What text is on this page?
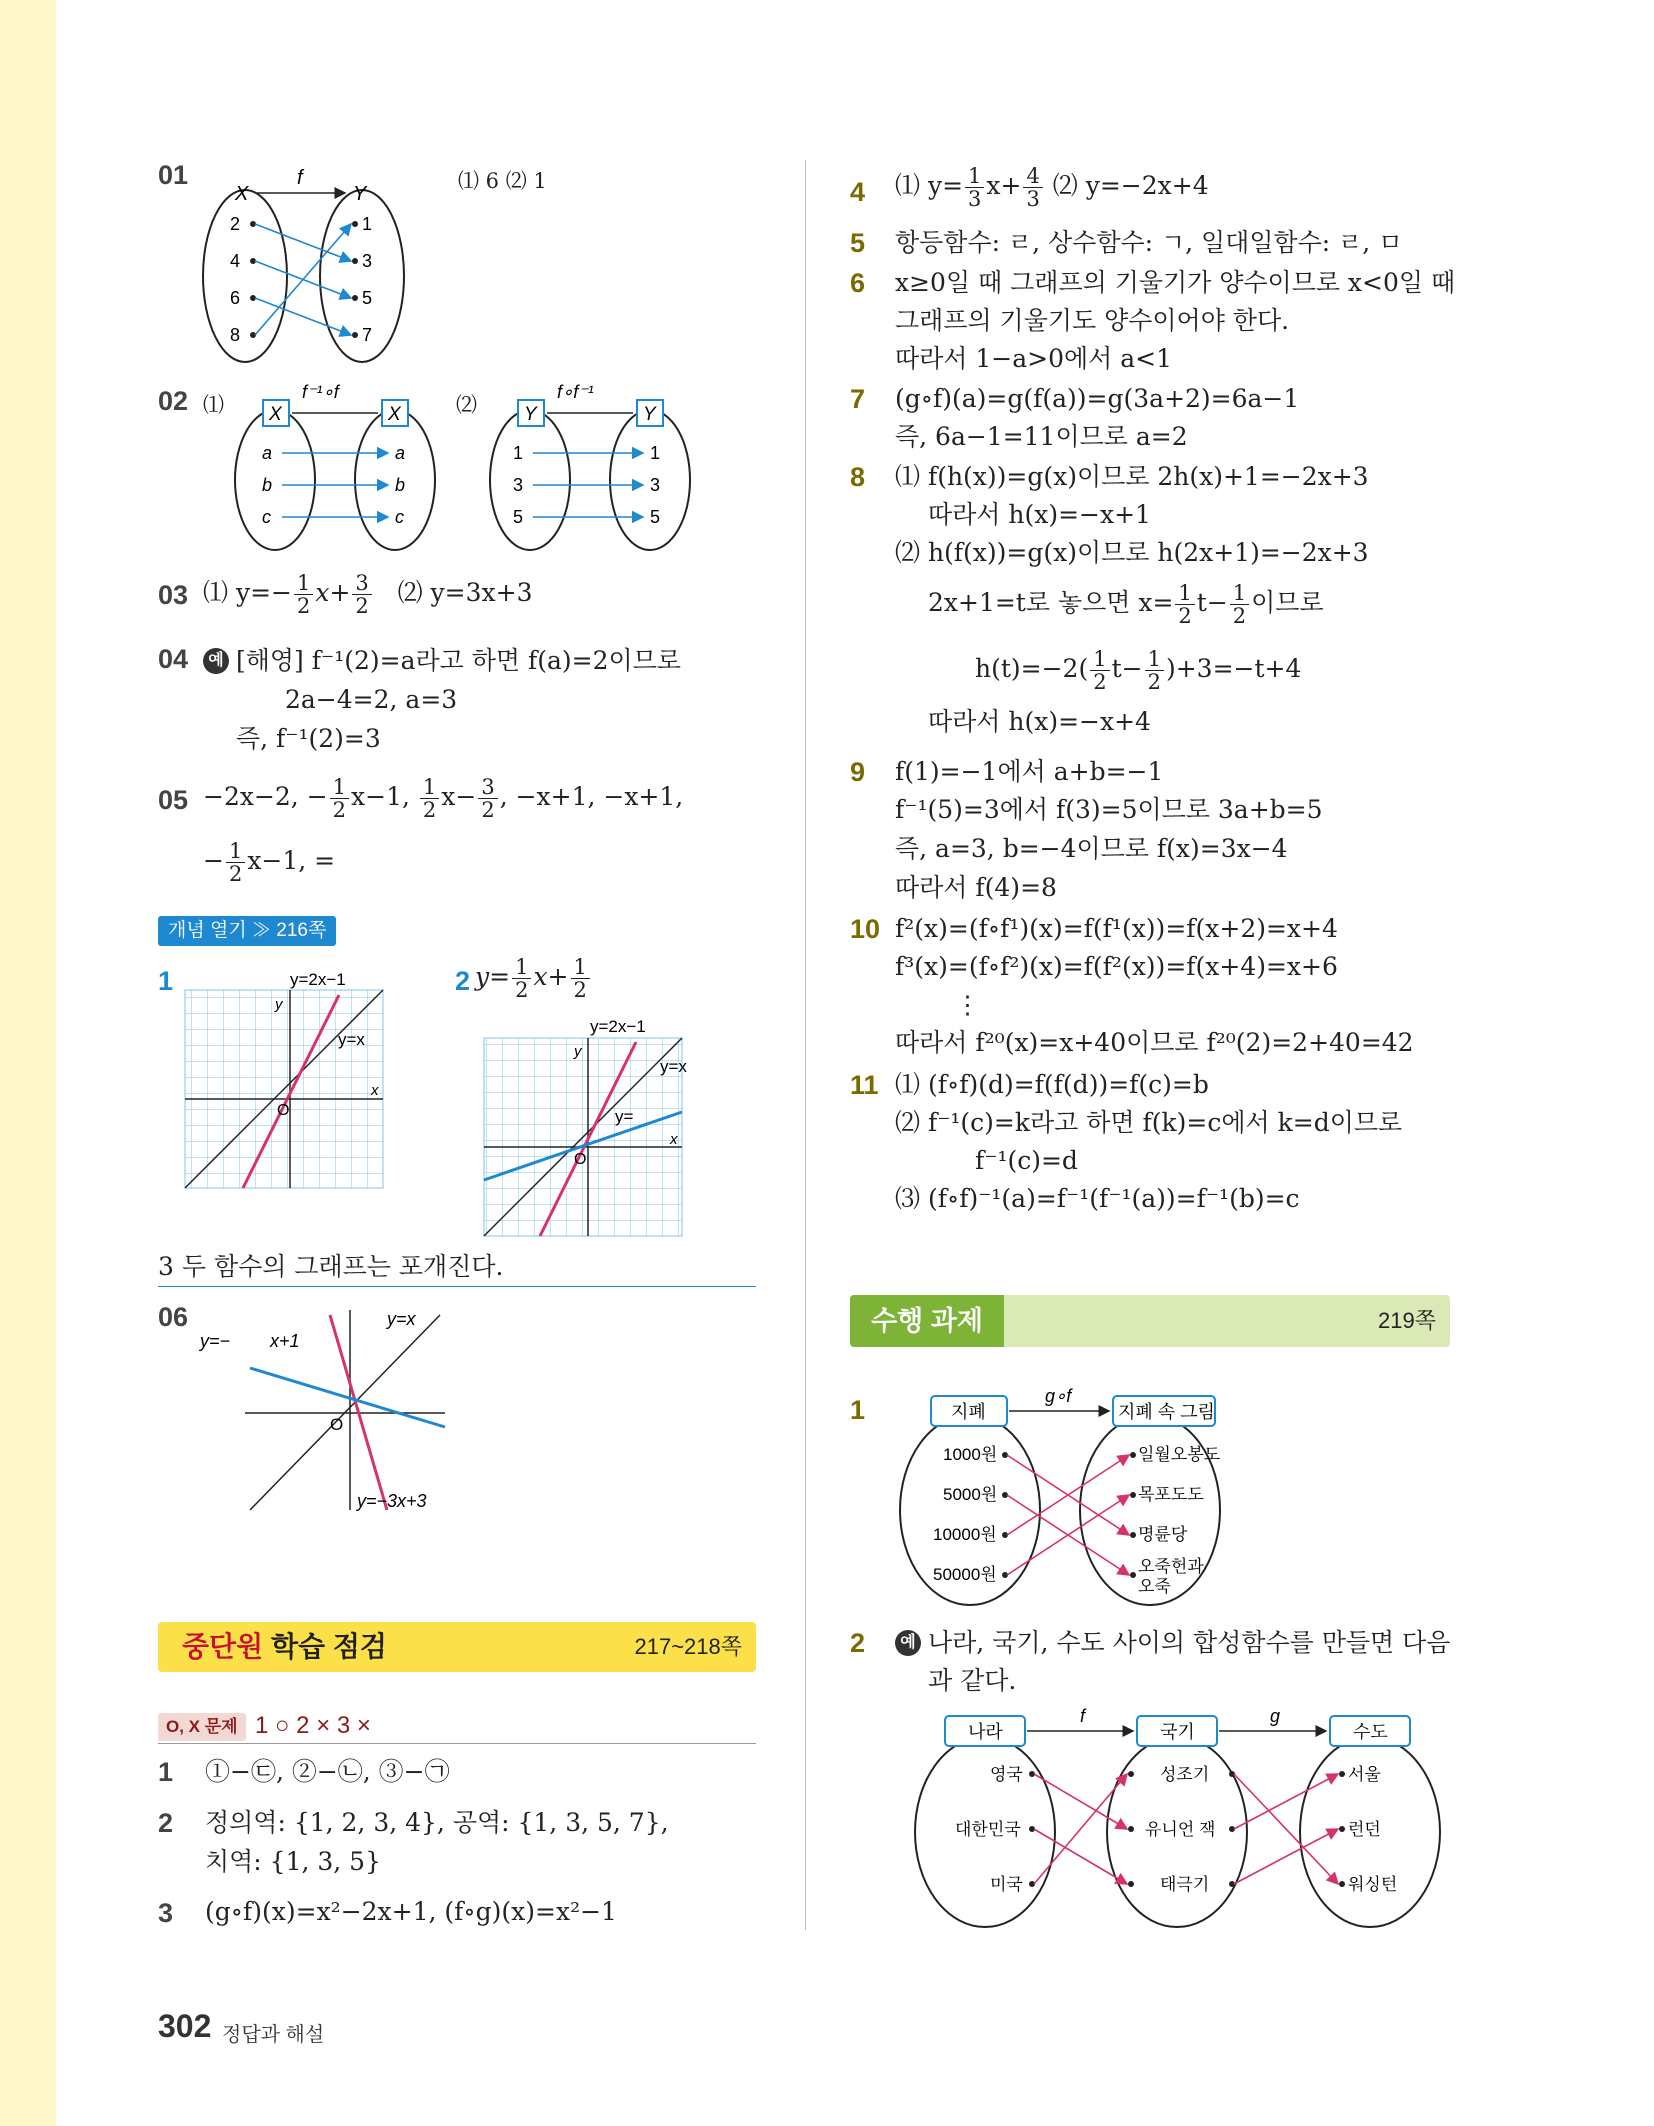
01	⑴ 6 ⑵ 1
X	Y
f
2
4
6
8
1
3
5
7
02 ⑴	⑵
X	X
f⁻¹∘f
a
b
c
a
b
c
Y	Y
f∘f⁻¹
1
3
5
1
3
5
03 ⑴ $y=- \frac{1}{2} x+ \frac{3}{2}$ ⑵ y=3x+3
04	예 [해영] f⁻¹(2)=a라고 하면 f(a)=2이므로
2a−4=2, a=3
즉, f⁻¹(2)=3
05 −2x−2, − $\frac{1}{2} x-1$, $\frac{1}{2} x- \frac{3}{2}$ , −x+1, −x+1,
− $\frac{1}{2} x-1$, =
개념 열기 ≫ 216쪽
1	y=2x−1
y=x
y
x
O
2 $y= \frac{1}{2} x+ \frac{1}{2}$
y=2x−1
y=x
y=
y
x
O
3 두 함수의 그래프는 포개진다.
06
y=− x+1
y=x
y=−3x+3
O
중단원 학습 점검	217~218쪽
O, X 문제 1 ○ 2 × 3 ×
1 ①−㉢, ②−㉡, ③−㉠
2 정의역: {1, 2, 3, 4}, 공역: {1, 3, 5, 7},
치역: {1, 3, 5}
3 (g∘f)(x)=x²−2x+1, (f∘g)(x)=x²−1
302 정답과 해설
4 ⑴ $y= \frac{1}{3} x+ \frac{4}{3}$ ⑵ y=−2x+4
5 항등함수: ㄹ, 상수함수: ㄱ, 일대일함수: ㄹ, ㅁ
6 x≥0일 때 그래프의 기울기가 양수이므로 x<0일 때
그래프의 기울기도 양수이어야 한다.
따라서 1−a>0에서 a<1
7 (g∘f)(a)=g(f(a))=g(3a+2)=6a−1
즉, 6a−1=11이므로 a=2
8 ⑴ f(h(x))=g(x)이므로 2h(x)+1=−2x+3
따라서 h(x)=−x+1
⑵ h(f(x))=g(x)이므로 h(2x+1)=−2x+3
2x+1=t로 놓으면 $x= \frac{1}{2} t- \frac{1}{2}$ 이므로
$h(t)=-2( \frac{1}{2} t- \frac{1}{2} )+3=-t+4$
따라서 h(x)=−x+4
9 f(1)=−1에서 a+b=−1
f⁻¹(5)=3에서 f(3)=5이므로 3a+b=5
즉, a=3, b=−4이므로 f(x)=3x−4
따라서 f(4)=8
10 f²(x)=(f∘f¹)(x)=f(f¹(x))=f(x+2)=x+4
f³(x)=(f∘f²)(x)=f(f²(x))=f(x+4)=x+6
⋮
따라서 f²⁰(x)=x+40이므로 f²⁰(2)=2+40=42
11 ⑴ (f∘f)(d)=f(f(d))=f(c)=b
⑵ f⁻¹(c)=k라고 하면 f(k)=c에서 k=d이므로
f⁻¹(c)=d
⑶ (f∘f)⁻¹(a)=f⁻¹(f⁻¹(a))=f⁻¹(b)=c
수행 과제	219쪽
1	지폐	지폐 속 그림
g∘f
1000원
5000원
10000원
50000원
일월오봉도
목포도도
명륜당
오죽헌과
오죽
2	예 나라, 국기, 수도 사이의 합성함수를 만들면 다음
과 같다.
나라	국기	수도
f	g
영국
대한민국
미국
성조기
유니언 잭
태극기
서울
런던
워싱턴
